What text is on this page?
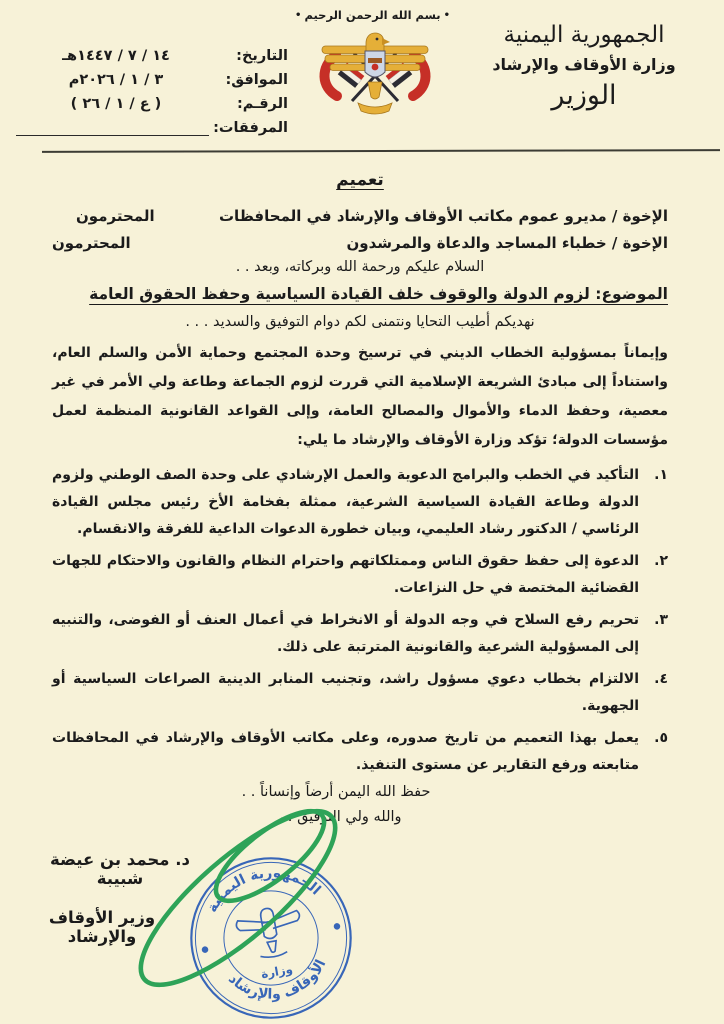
الجمهورية اليمنية
وزارة الأوقاف والإرشاد
الوزير
•بسم الله الرحمن الرحيم•
التاريخ:
١٤ / ٧ / ١٤٤٧هـ
الموافق:
٣ / ١ / ٢٠٢٦م
الرقـم:
( ع / ١ / ٢٦ )
المرفقات:
تعميم
الإخوة / مديرو عموم مكاتب الأوقاف والإرشاد في المحافظات
المحترمون
الإخوة / خطباء المساجد والدعاة والمرشدون
المحترمون
السلام عليكم ورحمة الله وبركاته، وبعد . .
الموضوع: لزوم الدولة والوقوف خلف القيادة السياسية وحفظ الحقوق العامة
نهديكم أطيب التحايا ونتمنى لكم دوام التوفيق والسديد . . .
وإيماناً بمسؤولية الخطاب الديني في ترسيخ وحدة المجتمع وحماية الأمن والسلم العام، واستناداً إلى مبادئ الشريعة الإسلامية التي قررت لزوم الجماعة وطاعة ولي الأمر في غير معصية، وحفظ الدماء والأموال والمصالح العامة، وإلى القواعد القانونية المنظمة لعمل مؤسسات الدولة؛ تؤكد وزارة الأوقاف والإرشاد ما يلي:
١.
التأكيد في الخطب والبرامج الدعوية والعمل الإرشادي على وحدة الصف الوطني ولزوم الدولة وطاعة القيادة السياسية الشرعية، ممثلة بفخامة الأخ رئيس مجلس القيادة الرئاسي / الدكتور رشاد العليمي، وبيان خطورة الدعوات الداعية للفرقة والانقسام.
٢.
الدعوة إلى حفظ حقوق الناس وممتلكاتهم واحترام النظام والقانون والاحتكام للجهات القضائية المختصة في حل النزاعات.
٣.
تحريم رفع السلاح في وجه الدولة أو الانخراط في أعمال العنف أو الفوضى، والتنبيه إلى المسؤولية الشرعية والقانونية المترتبة على ذلك.
٤.
الالتزام بخطاب دعوي مسؤول راشد، وتجنيب المنابر الدينية الصراعات السياسية أو الجهوية.
٥.
يعمل بهذا التعميم من تاريخ صدوره، وعلى مكاتب الأوقاف والإرشاد في المحافظات متابعته ورفع التقارير عن مستوى التنفيذ.
حفظ الله اليمن أرضاً وإنساناً . .
والله ولي التوفيق ،،،
د. محمد بن عيضة شبيبة
وزير الأوقاف والإرشاد
الجمهورية اليمنية
الأوقاف والإرشاد
وزارة
